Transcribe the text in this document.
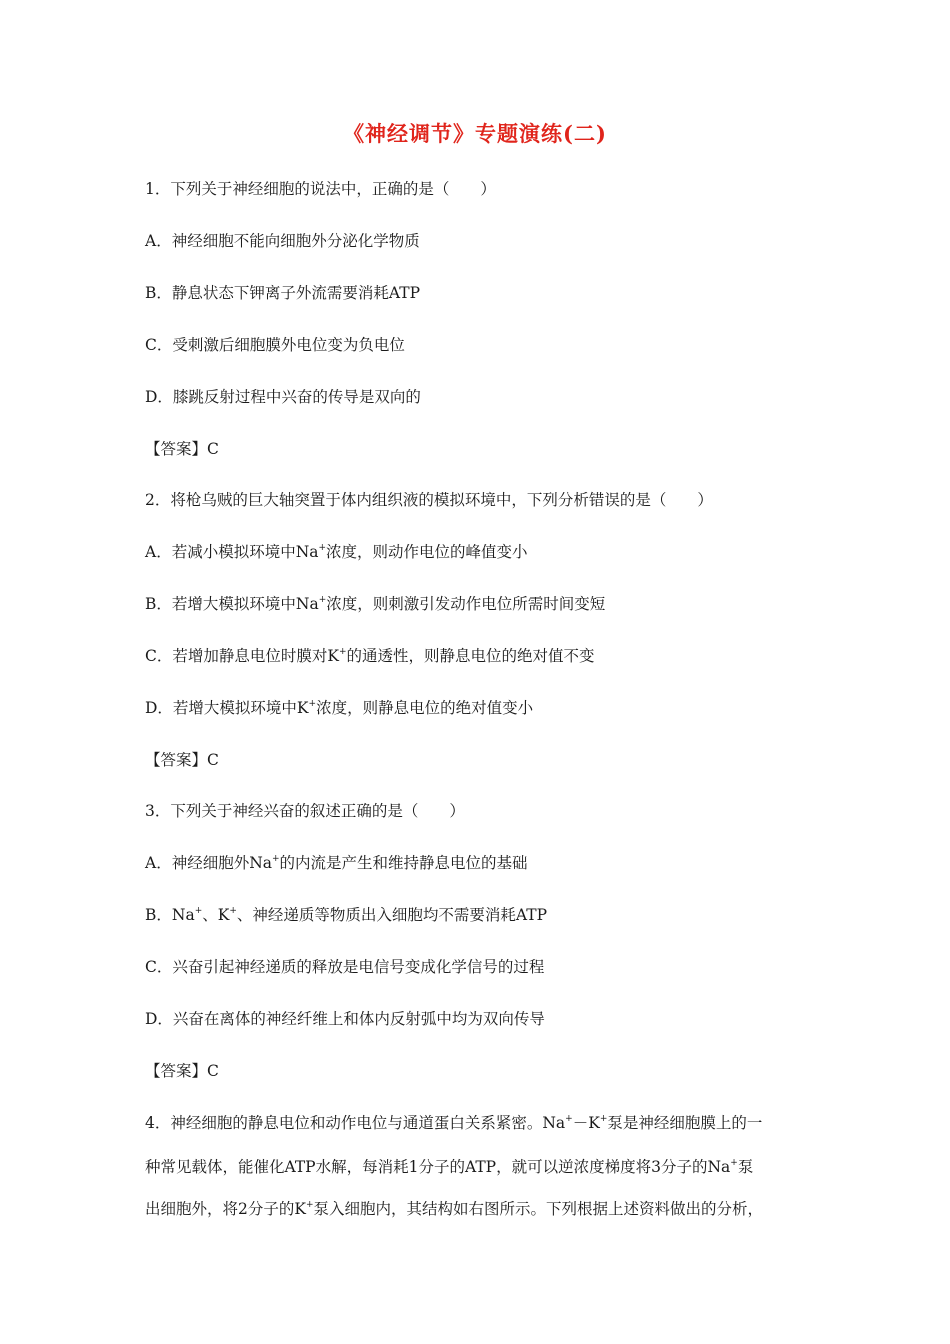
《神经调节》专题演练(二)
1．下列关于神经细胞的说法中，正确的是（　　）
A．神经细胞不能向细胞外分泌化学物质
B．静息状态下钾离子外流需要消耗ATP
C．受刺激后细胞膜外电位变为负电位
D．膝跳反射过程中兴奋的传导是双向的
【答案】C
2．将枪乌贼的巨大轴突置于体内组织液的模拟环境中，下列分析错误的是（　　）
A．若减小模拟环境中Na+浓度，则动作电位的峰值变小
B．若增大模拟环境中Na+浓度，则刺激引发动作电位所需时间变短
C．若增加静息电位时膜对K+的通透性，则静息电位的绝对值不变
D．若增大模拟环境中K+浓度，则静息电位的绝对值变小
【答案】C
3．下列关于神经兴奋的叙述正确的是（　　）
A．神经细胞外Na+的内流是产生和维持静息电位的基础
B．Na+、K+、神经递质等物质出入细胞均不需要消耗ATP
C．兴奋引起神经递质的释放是电信号变成化学信号的过程
D．兴奋在离体的神经纤维上和体内反射弧中均为双向传导
【答案】C
4．神经细胞的静息电位和动作电位与通道蛋白关系紧密。Na+－K+泵是神经细胞膜上的一
种常见载体，能催化ATP水解，每消耗1分子的ATP，就可以逆浓度梯度将3分子的Na+泵
出细胞外，将2分子的K+泵入细胞内，其结构如右图所示。下列根据上述资料做出的分析，
